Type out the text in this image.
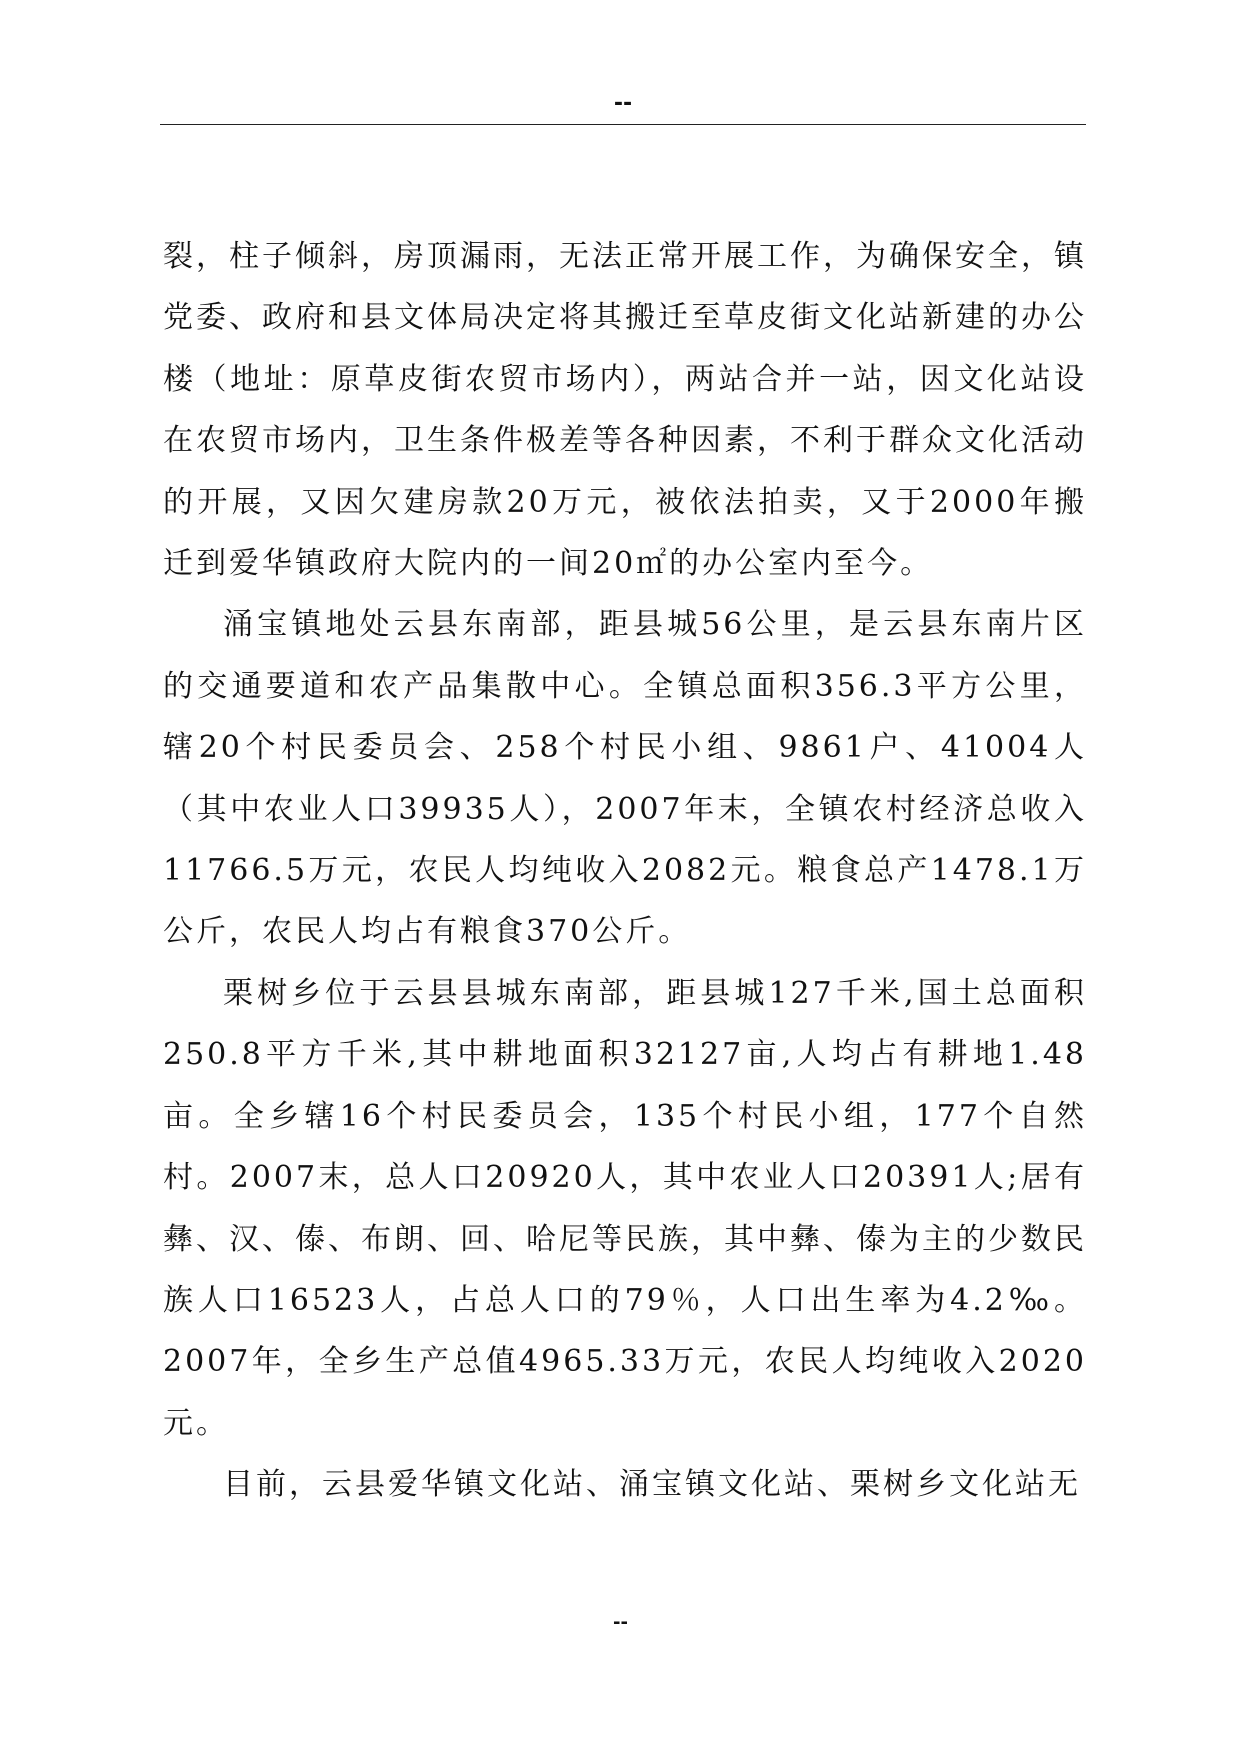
--

裂，柱子倾斜，房顶漏雨，无法正常开展工作，为确保安全，镇党委、政府和县文体局决定将其搬迁至草皮街文化站新建的办公楼（地址：原草皮街农贸市场内），两站合并一站，因文化站设在农贸市场内，卫生条件极差等各种因素，不利于群众文化活动的开展，又因欠建房款20万元，被依法拍卖，又于2000年搬迁到爱华镇政府大院内的一间20㎡的办公室内至今。

涌宝镇地处云县东南部，距县城56公里，是云县东南片区的交通要道和农产品集散中心。全镇总面积356.3平方公里，辖20个村民委员会、258个村民小组、9861户、41004人（其中农业人口39935人），2007年末，全镇农村经济总收入11766.5万元，农民人均纯收入2082元。粮食总产1478.1万公斤，农民人均占有粮食370公斤。

栗树乡位于云县县城东南部，距县城127千米,国土总面积250.8平方千米,其中耕地面积32127亩,人均占有耕地1.48亩。全乡辖16个村民委员会，135个村民小组，177个自然村。2007末，总人口20920人，其中农业人口20391人;居有彝、汉、傣、布朗、回、哈尼等民族，其中彝、傣为主的少数民族人口16523人，占总人口的79％，人口出生率为4.2‰。2007年，全乡生产总值4965.33万元，农民人均纯收入2020元。

目前，云县爱华镇文化站、涌宝镇文化站、栗树乡文化站无

--
